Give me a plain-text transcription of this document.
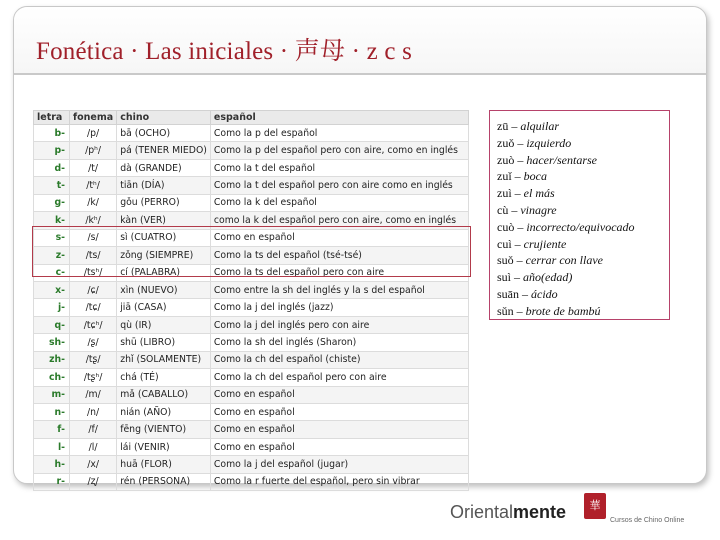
Fonética · Las iniciales · 声母 · z c s
letra	fonema	chino	español
b-	/p/	bā (OCHO)	Como la p del español
p-	/pʰ/	pá (TENER MIEDO)	Como la p del español pero con aire, como en inglés
d-	/t/	dà (GRANDE)	Como la t del español
t-	/tʰ/	tiān (DÍA)	Como la t del español pero con aire como en inglés
g-	/k/	gǒu (PERRO)	Como la k del español
k-	/kʰ/	kàn (VER)	como la k del español pero con aire, como en inglés
s-	/s/	sì (CUATRO)	Como en español
z-	/ts/	zǒng (SIEMPRE)	Como la ts del español (tsé-tsé)
c-	/tsʰ/	cí (PALABRA)	Como la ts del español pero con aire
x-	/ɕ/	xìn (NUEVO)	Como entre la sh del inglés y la s del español
j-	/tɕ/	jiā (CASA)	Como la j del inglés (jazz)
q-	/tɕʰ/	qù (IR)	Como la j del inglés pero con aire
sh-	/ʂ/	shū (LIBRO)	Como la sh del inglés (Sharon)
zh-	/tʂ/	zhǐ (SOLAMENTE)	Como la ch del español (chiste)
ch-	/tʂʰ/	chá (TÉ)	Como la ch del español pero con aire
m-	/m/	mǎ (CABALLO)	Como en español
n-	/n/	nián (AÑO)	Como en español
f-	/f/	fēng (VIENTO)	Como en español
l-	/l/	lái (VENIR)	Como en español
h-	/x/	huā (FLOR)	Como la j del español (jugar)
r-	/ʐ/	rén (PERSONA)	Como la r fuerte del español, pero sin vibrar
zū – alquilar
zuǒ – izquierdo
zuò – hacer/sentarse
zuǐ – boca
zuì – el más
cù – vinagre
cuò – incorrecto/equivocado
cuì – crujiente
suǒ – cerrar con llave
suì – año(edad)
suān – ácido
sǔn – brote de bambú
Orientalmente	華
Cursos de Chino Online
